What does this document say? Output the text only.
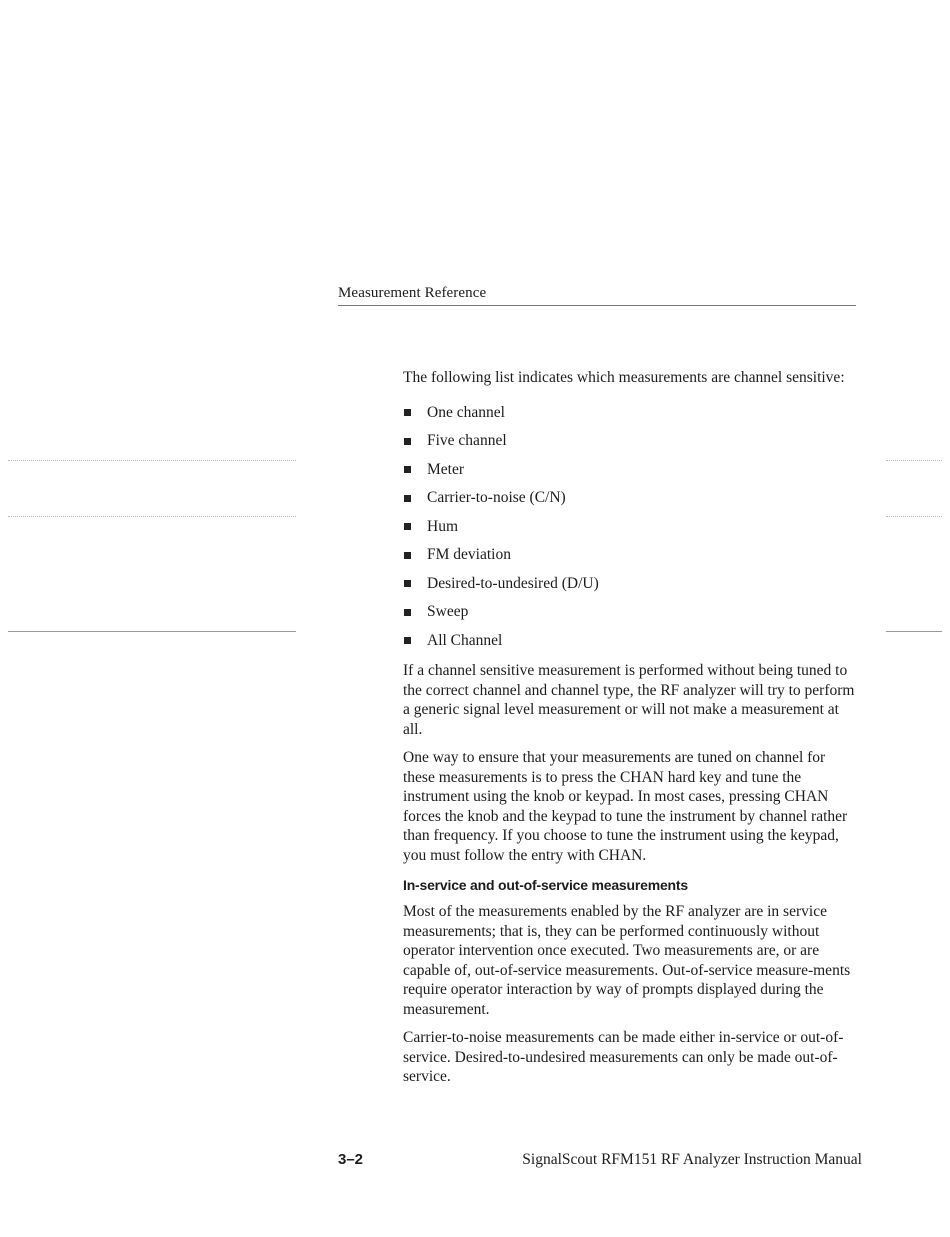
Measurement Reference

The following list indicates which measurements are channel sensitive:

One channel
Five channel
Meter
Carrier-to-noise (C/N)
Hum
FM deviation
Desired-to-undesired (D/U)
Sweep
All Channel

If a channel sensitive measurement is performed without being tuned to the correct channel and channel type, the RF analyzer will try to perform a generic signal level measurement or will not make a measurement at all.

One way to ensure that your measurements are tuned on channel for these measurements is to press the CHAN hard key and tune the instrument using the knob or keypad. In most cases, pressing CHAN forces the knob and the keypad to tune the instrument by channel rather than frequency. If you choose to tune the instrument using the keypad, you must follow the entry with CHAN.

In-service and out-of-service measurements

Most of the measurements enabled by the RF analyzer are in service measurements; that is, they can be performed continuously without operator intervention once executed. Two measurements are, or are capable of, out-of-service measurements. Out-of-service measure-ments require operator interaction by way of prompts displayed during the measurement.

Carrier-to-noise measurements can be made either in-service or out-of-service. Desired-to-undesired measurements can only be made out-of-service.

3–2	SignalScout RFM151 RF Analyzer Instruction Manual
